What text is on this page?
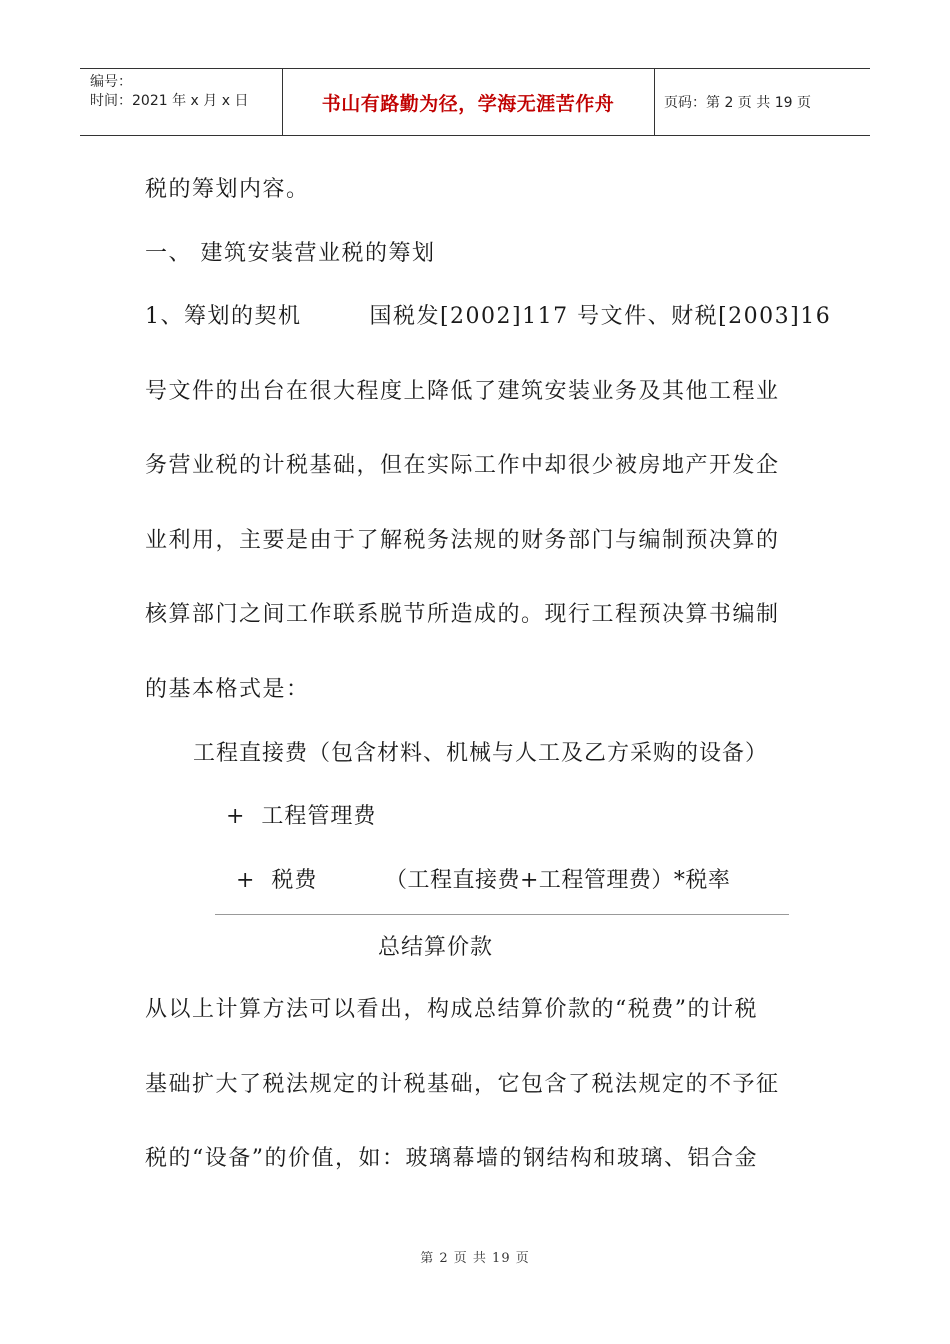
编号：
时间：2021 年 x 月 x 日	书山有路勤为径，学海无涯苦作舟	页码：第 2 页 共 19 页
税的筹划内容。
一、 建筑安装营业税的筹划
1、筹划的契机        国税发[2002]117 号文件、财税[2003]16
号文件的出台在很大程度上降低了建筑安装业务及其他工程业
务营业税的计税基础，但在实际工作中却很少被房地产开发企
业利用，主要是由于了解税务法规的财务部门与编制预决算的
核算部门之间工作联系脱节所造成的。现行工程预决算书编制
的基本格式是：
工程直接费（包含材料、机械与人工及乙方采购的设备）
+  工程管理费
+  税费	（工程直接费+工程管理费）*税率
总结算价款
从以上计算方法可以看出，构成总结算价款的“税费”的计税
基础扩大了税法规定的计税基础，它包含了税法规定的不予征
税的“设备”的价值，如：玻璃幕墙的钢结构和玻璃、铝合金
第 2 页 共 19 页
